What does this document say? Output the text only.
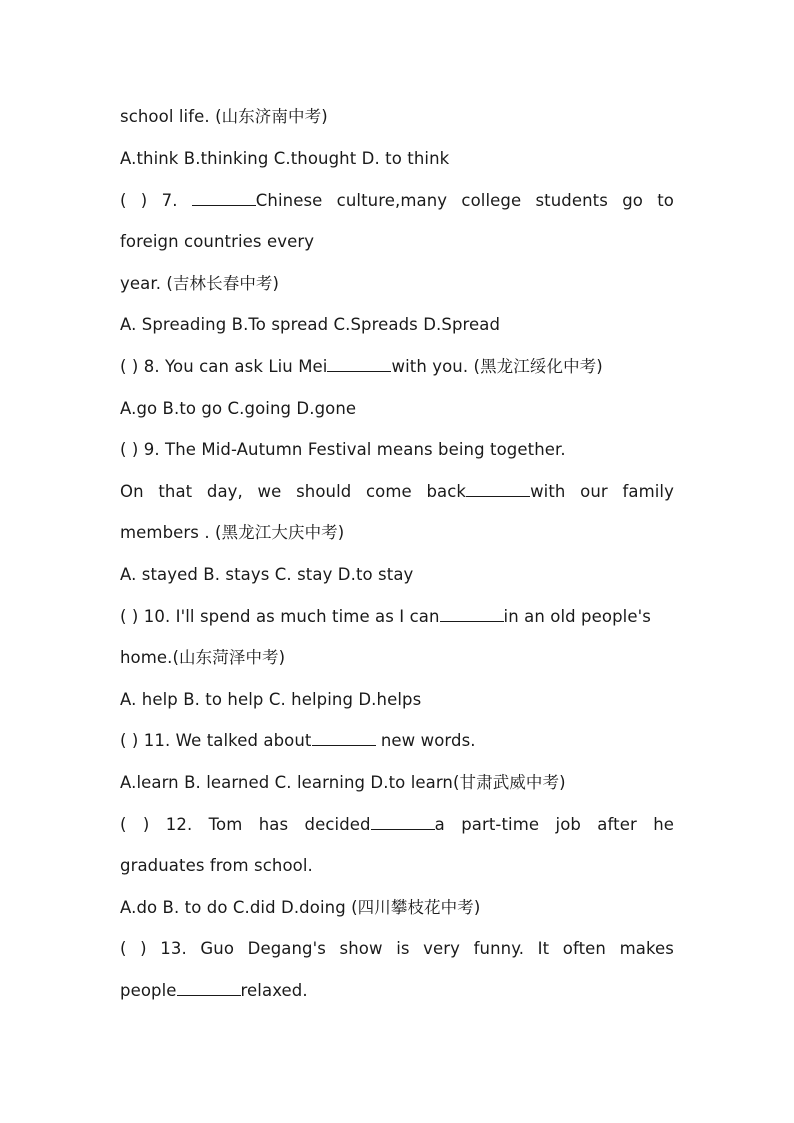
school life. (山东济南中考)
A.think B.thinking C.thought D. to think
( ) 7.	Chinese culture,many college students go to
foreign countries every
year. (吉林长春中考)
A. Spreading B.To spread C.Spreads D.Spread
( ) 8. You can ask Liu Mei	with you. (黑龙江绥化中考)
A.go B.to go C.going D.gone
( ) 9. The Mid-Autumn Festival means being together.
On that day, we should come back	with our family
members . (黑龙江大庆中考)
A. stayed B. stays C. stay D.to stay
( ) 10. I'll spend as much time as I can	in an old people's
home.(山东菏泽中考)
A. help B. to help C. helping D.helps
( ) 11. We talked about	new words.
A.learn B. learned C. learning D.to learn(甘肃武威中考)
( ) 12. Tom has decided	a part-time job after he
graduates from school.
A.do B. to do C.did D.doing (四川攀枝花中考)
( ) 13. Guo Degang's show is very funny. It often makes
people	relaxed.
